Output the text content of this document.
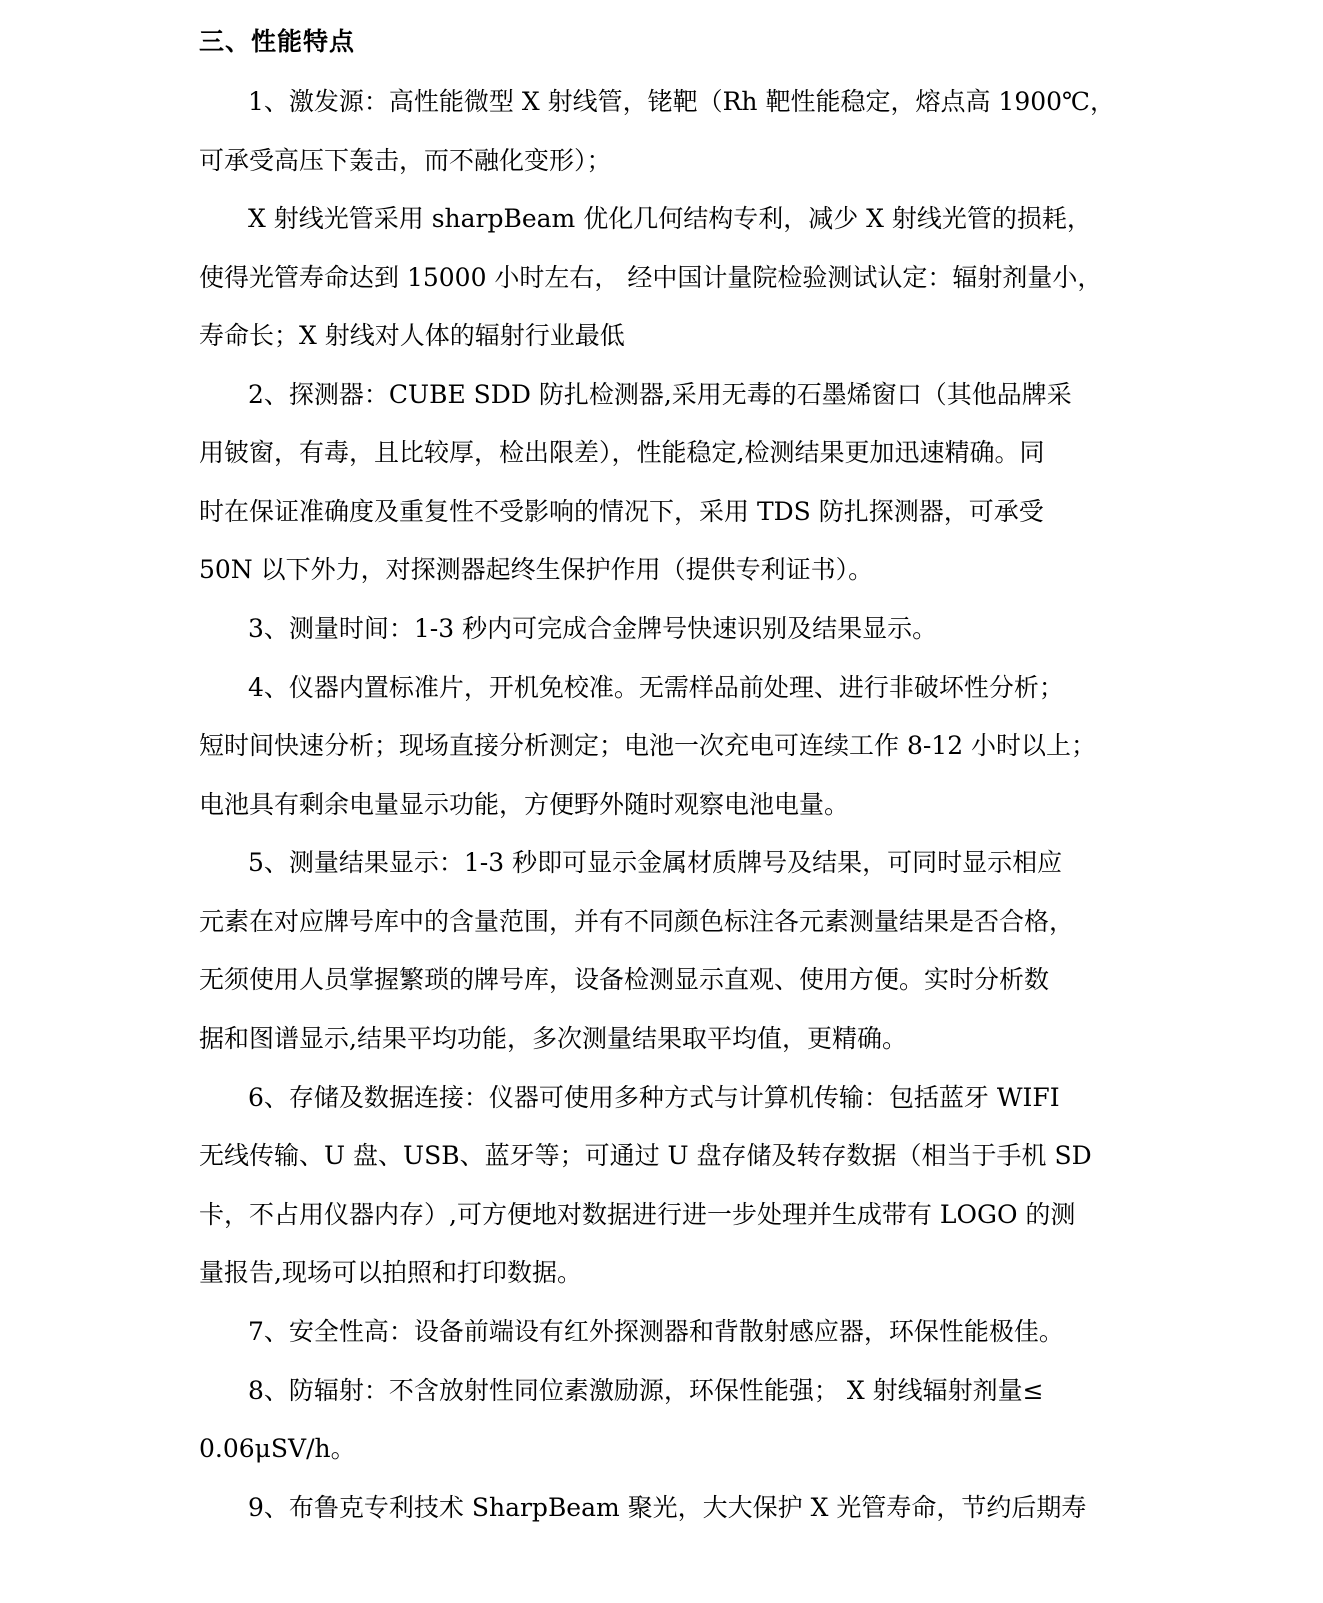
三、性能特点
1、激发源：高性能微型 X 射线管，铑靶（Rh 靶性能稳定，熔点高 1900℃，
可承受高压下轰击，而不融化变形）；
X 射线光管采用 sharpBeam 优化几何结构专利，减少 X 射线光管的损耗，
使得光管寿命达到 15000 小时左右， 经中国计量院检验测试认定：辐射剂量小，
寿命长；X 射线对人体的辐射行业最低
2、探测器：CUBE SDD 防扎检测器,采用无毒的石墨烯窗口（其他品牌采
用铍窗，有毒，且比较厚，检出限差），性能稳定,检测结果更加迅速精确。同
时在保证准确度及重复性不受影响的情况下，采用 TDS 防扎探测器，可承受
50N 以下外力，对探测器起终生保护作用（提供专利证书）。
3、测量时间：1-3 秒内可完成合金牌号快速识别及结果显示。
4、仪器内置标准片，开机免校准。无需样品前处理、进行非破坏性分析；
短时间快速分析；现场直接分析测定；电池一次充电可连续工作 8-12 小时以上；
电池具有剩余电量显示功能，方便野外随时观察电池电量。
5、测量结果显示：1-3 秒即可显示金属材质牌号及结果，可同时显示相应
元素在对应牌号库中的含量范围，并有不同颜色标注各元素测量结果是否合格，
无须使用人员掌握繁琐的牌号库，设备检测显示直观、使用方便。实时分析数
据和图谱显示,结果平均功能，多次测量结果取平均值，更精确。
6、存储及数据连接：仪器可使用多种方式与计算机传输：包括蓝牙 WIFI
无线传输、U 盘、USB、蓝牙等；可通过 U 盘存储及转存数据（相当于手机 SD
卡，不占用仪器内存）,可方便地对数据进行进一步处理并生成带有 LOGO 的测
量报告,现场可以拍照和打印数据。
7、安全性高：设备前端设有红外探测器和背散射感应器，环保性能极佳。
8、防辐射：不含放射性同位素激励源，环保性能强； X 射线辐射剂量≤
0.06μSV/h。
9、布鲁克专利技术 SharpBeam 聚光，大大保护 X 光管寿命，节约后期寿
